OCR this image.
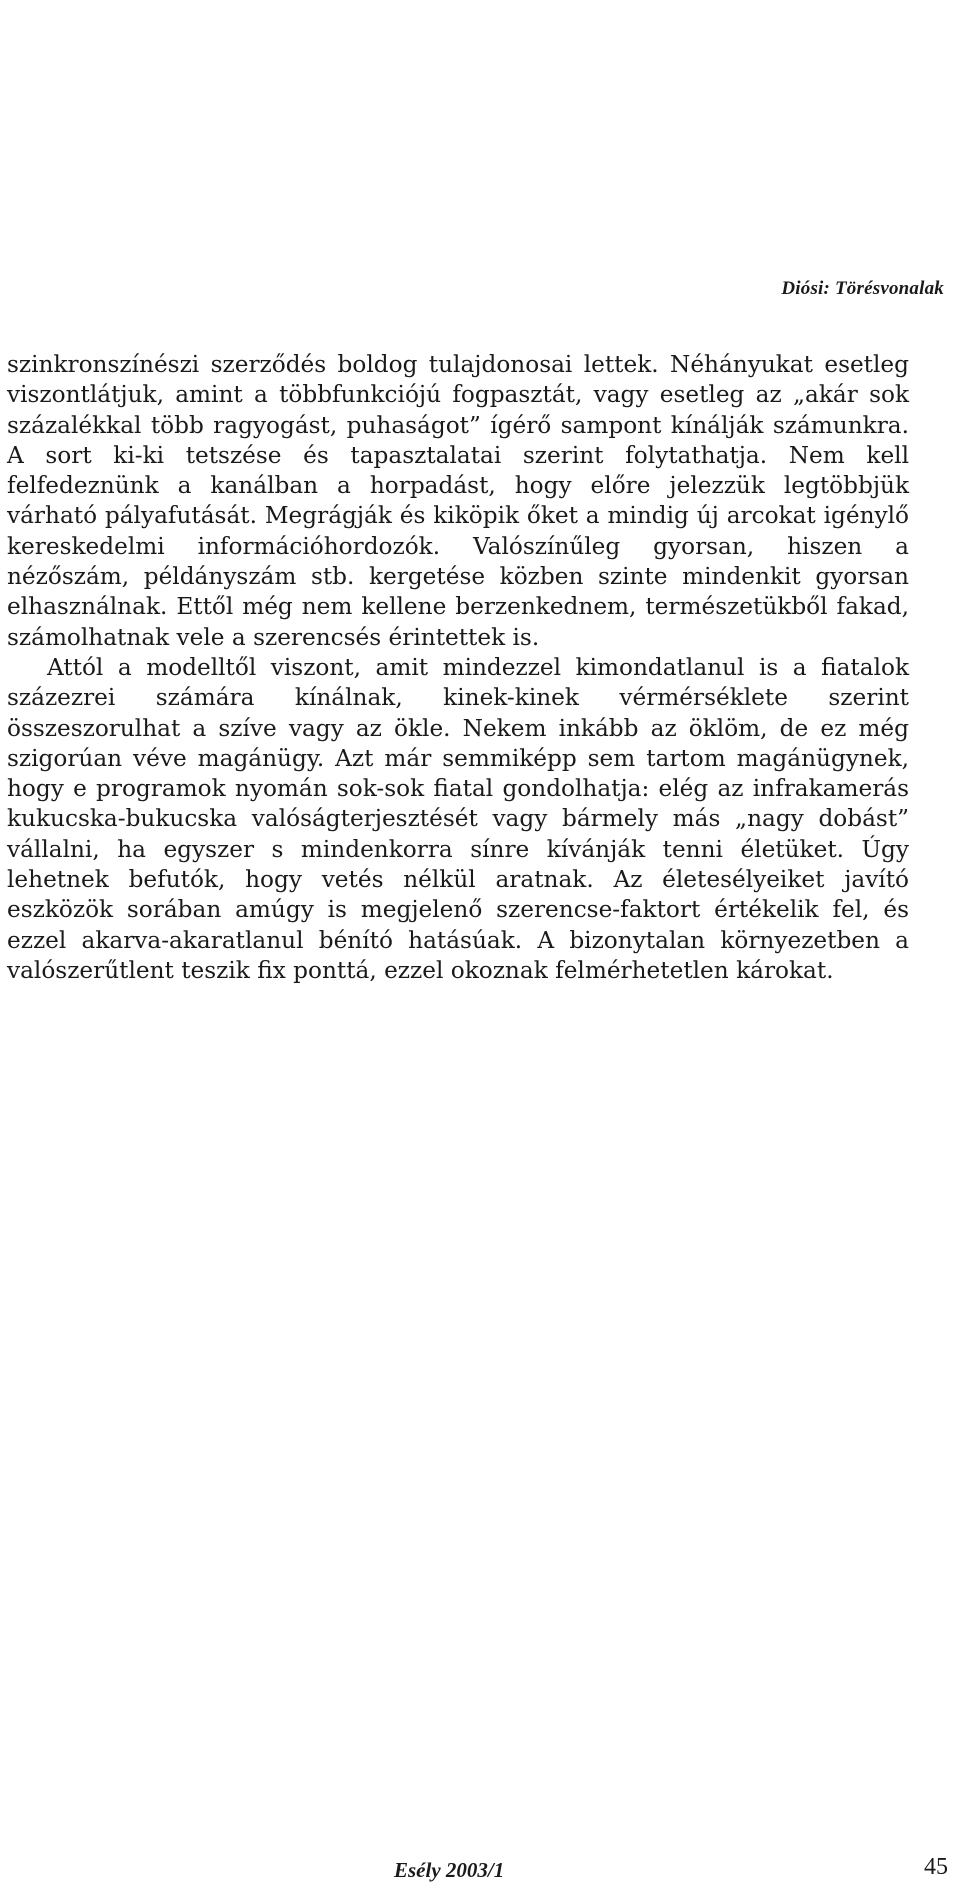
Diósi: Törésvonalak

szinkronszínészi szerződés boldog tulajdonosai lettek. Néhányukat esetleg viszontlátjuk, amint a többfunkciójú fogpasztát, vagy esetleg az „akár sok százalékkal több ragyogást, puhaságot” ígérő sampont kínálják számunkra. A sort ki-ki tetszése és tapasztalatai szerint folytathatja. Nem kell felfedeznünk a kanálban a horpadást, hogy előre jelezzük legtöbbjük várható pályafutását. Megrágják és kiköpik őket a mindig új arcokat igénylő kereskedelmi információhordozók. Valószínűleg gyorsan, hiszen a nézőszám, példányszám stb. kergetése közben szinte mindenkit gyorsan elhasználnak. Ettől még nem kellene berzenkednem, természetükből fakad, számolhatnak vele a szerencsés érintettek is.

Attól a modelltől viszont, amit mindezzel kimondatlanul is a fiatalok százezrei számára kínálnak, kinek-kinek vérmérséklete szerint összeszorulhat a szíve vagy az ökle. Nekem inkább az öklöm, de ez még szigorúan véve magánügy. Azt már semmiképp sem tartom magánügynek, hogy e programok nyomán sok-sok fiatal gondolhatja: elég az infrakamerás kukucska-bukucska valóságterjesztését vagy bármely más „nagy dobást” vállalni, ha egyszer s mindenkorra sínre kívánják tenni életüket. Úgy lehetnek befutók, hogy vetés nélkül aratnak. Az életesélyeiket javító eszközök sorában amúgy is megjelenő szerencse-faktort értékelik fel, és ezzel akarva-akaratlanul bénító hatásúak. A bizonytalan környezetben a valószerűtlent teszik fix ponttá, ezzel okoznak felmérhetetlen károkat.

Esély 2003/1	45
